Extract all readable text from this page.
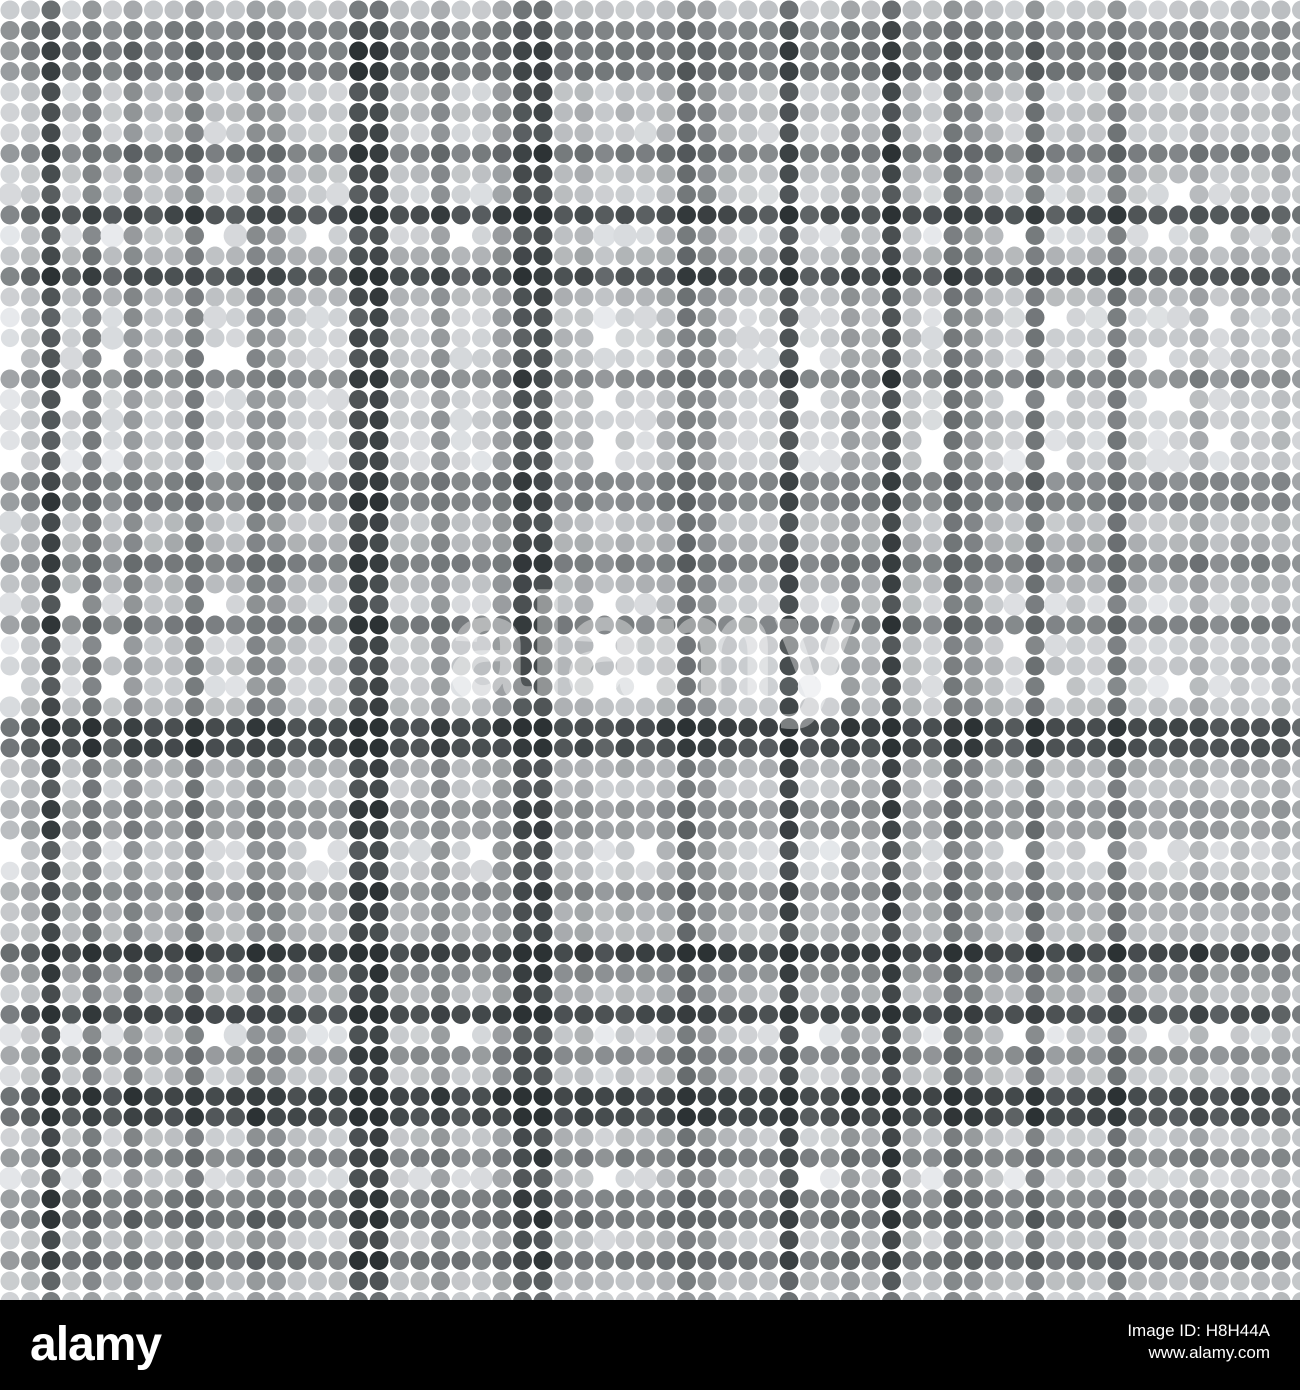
alamy
alamy	Image ID: H8H44A
www.alamy.com
